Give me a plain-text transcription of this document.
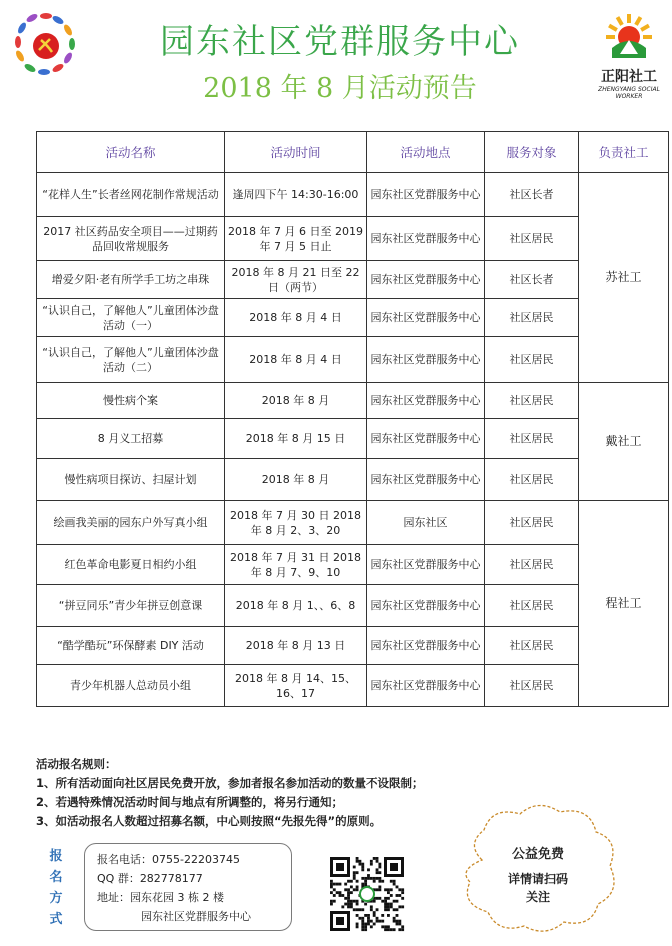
园东社区党群服务中心
2018 年 8 月活动预告	正阳社工
ZHENGYANG SOCIAL WORKER
活动名称	活动时间	活动地点	服务对象	负责社工
“花样人生”长者丝网花制作常规活动	逢周四下午 14:30-16:00	园东社区党群服务中心	社区长者	苏社工
2017 社区药品安全项目——过期药品回收常规服务	2018 年 7 月 6 日至 2019 年 7 月 5 日止	园东社区党群服务中心	社区居民	
增爱夕阳·老有所学手工坊之串珠	2018 年 8 月 21 日至 22 日（两节）	园东社区党群服务中心	社区长者	
“认识自己，了解他人”儿童团体沙盘活动（一）	2018 年 8 月 4 日	园东社区党群服务中心	社区居民	
“认识自己，了解他人”儿童团体沙盘活动（二）	2018 年 8 月 4 日	园东社区党群服务中心	社区居民	
慢性病个案	2018 年 8 月	园东社区党群服务中心	社区居民	戴社工
8 月义工招募	2018 年 8 月 15 日	园东社区党群服务中心	社区居民	
慢性病项目探访、扫屋计划	2018 年 8 月	园东社区党群服务中心	社区居民	
绘画我美丽的园东户外写真小组	2018 年 7 月 30 日 2018 年 8 月 2、3、20	园东社区	社区居民	程社工
红色革命电影夏日相约小组	2018 年 7 月 31 日 2018 年 8 月 7、9、10	园东社区党群服务中心	社区居民	
“拼豆同乐”青少年拼豆创意课	2018 年 8 月 1、、6、8	园东社区党群服务中心	社区居民	
“酷学酷玩”环保酵素 DIY 活动	2018 年 8 月 13 日	园东社区党群服务中心	社区居民	
青少年机器人总动员小组	2018 年 8 月 14、15、16、17	园东社区党群服务中心	社区居民	
活动报名规则：
1、所有活动面向社区居民免费开放，参加者报名参加活动的数量不设限制；
2、若遇特殊情况活动时间与地点有所调整的，将另行通知；
3、如活动报名人数超过招募名额，中心则按照“先报先得”的原则。
报
名
方
式
报名电话：0755-22203745
QQ 群：282778177
地址：园东花园 3 栋 2 楼
园东社区党群服务中心
公益免费
详情请扫码
关注
